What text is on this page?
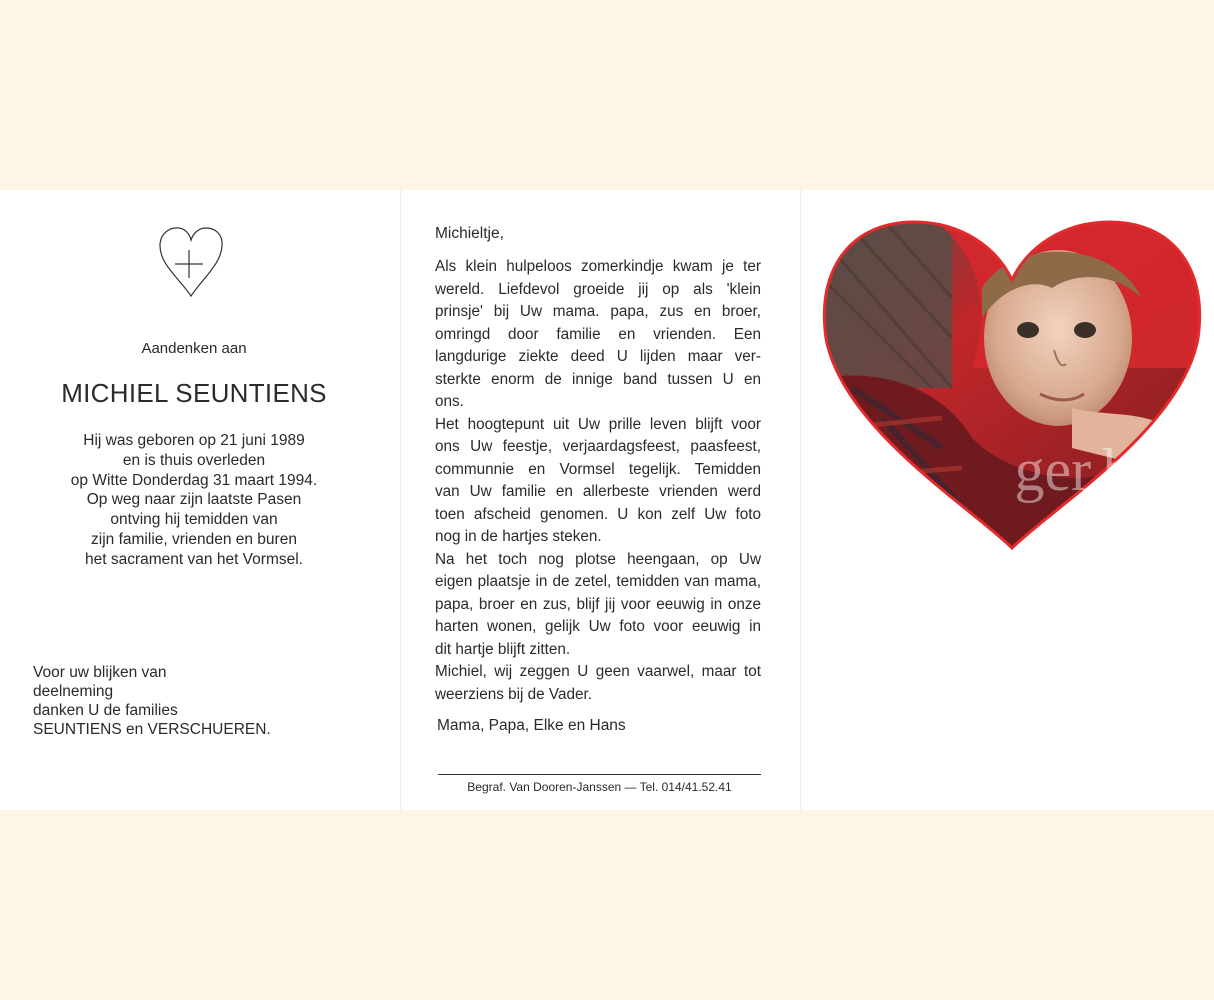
Aandenken aan
MICHIEL SEUNTIENS
Hij was geboren op 21 juni 1989
en is thuis overleden
op Witte Donderdag 31 maart 1994.
Op weg naar zijn laatste Pasen
ontving hij temidden van
zijn familie, vrienden en buren
het sacrament van het Vormsel.
Voor uw blijken van
deelneming
danken U de families
SEUNTIENS en VERSCHUEREN.
Michieltje,

Als klein hulpeloos zomerkindje kwam je ter
wereld. Liefdevol groeide jij op als 'klein
prinsje' bij Uw mama. papa, zus en broer,
omringd door familie en vrienden. Een
langdurige ziekte deed U lijden maar ver-
sterkte enorm de innige band tussen U en
ons.

Het hoogtepunt uit Uw prille leven blijft voor
ons Uw feestje, verjaardagsfeest, paasfeest,
communnie en Vormsel tegelijk. Temidden
van Uw familie en allerbeste vrienden werd
toen afscheid genomen. U kon zelf Uw foto
nog in de hartjes steken.

Na het toch nog plotse heengaan, op Uw
eigen plaatsje in de zetel, temidden van mama,
papa, broer en zus, blijf jij voor eeuwig in onze
harten wonen, gelijk Uw foto voor eeuwig in
dit hartje blijft zitten.

Michiel, wij zeggen U geen vaarwel, maar tot
weerziens bij de Vader.

Mama, Papa, Elke en Hans
Begraf. Van Dooren-Janssen — Tel. 014/41.52.41
ger.be
